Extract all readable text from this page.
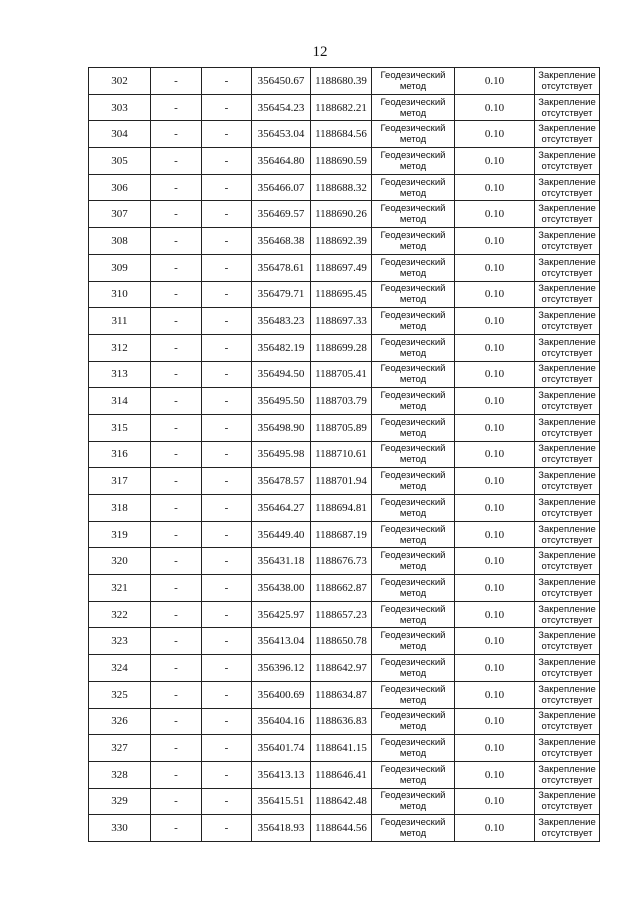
12
302	-	-	356450.67	1188680.39	Геодезический метод	0.10	Закрепление отсутствует
303	-	-	356454.23	1188682.21	Геодезический метод	0.10	Закрепление отсутствует
304	-	-	356453.04	1188684.56	Геодезический метод	0.10	Закрепление отсутствует
305	-	-	356464.80	1188690.59	Геодезический метод	0.10	Закрепление отсутствует
306	-	-	356466.07	1188688.32	Геодезический метод	0.10	Закрепление отсутствует
307	-	-	356469.57	1188690.26	Геодезический метод	0.10	Закрепление отсутствует
308	-	-	356468.38	1188692.39	Геодезический метод	0.10	Закрепление отсутствует
309	-	-	356478.61	1188697.49	Геодезический метод	0.10	Закрепление отсутствует
310	-	-	356479.71	1188695.45	Геодезический метод	0.10	Закрепление отсутствует
311	-	-	356483.23	1188697.33	Геодезический метод	0.10	Закрепление отсутствует
312	-	-	356482.19	1188699.28	Геодезический метод	0.10	Закрепление отсутствует
313	-	-	356494.50	1188705.41	Геодезический метод	0.10	Закрепление отсутствует
314	-	-	356495.50	1188703.79	Геодезический метод	0.10	Закрепление отсутствует
315	-	-	356498.90	1188705.89	Геодезический метод	0.10	Закрепление отсутствует
316	-	-	356495.98	1188710.61	Геодезический метод	0.10	Закрепление отсутствует
317	-	-	356478.57	1188701.94	Геодезический метод	0.10	Закрепление отсутствует
318	-	-	356464.27	1188694.81	Геодезический метод	0.10	Закрепление отсутствует
319	-	-	356449.40	1188687.19	Геодезический метод	0.10	Закрепление отсутствует
320	-	-	356431.18	1188676.73	Геодезический метод	0.10	Закрепление отсутствует
321	-	-	356438.00	1188662.87	Геодезический метод	0.10	Закрепление отсутствует
322	-	-	356425.97	1188657.23	Геодезический метод	0.10	Закрепление отсутствует
323	-	-	356413.04	1188650.78	Геодезический метод	0.10	Закрепление отсутствует
324	-	-	356396.12	1188642.97	Геодезический метод	0.10	Закрепление отсутствует
325	-	-	356400.69	1188634.87	Геодезический метод	0.10	Закрепление отсутствует
326	-	-	356404.16	1188636.83	Геодезический метод	0.10	Закрепление отсутствует
327	-	-	356401.74	1188641.15	Геодезический метод	0.10	Закрепление отсутствует
328	-	-	356413.13	1188646.41	Геодезический метод	0.10	Закрепление отсутствует
329	-	-	356415.51	1188642.48	Геодезический метод	0.10	Закрепление отсутствует
330	-	-	356418.93	1188644.56	Геодезический метод	0.10	Закрепление отсутствует
